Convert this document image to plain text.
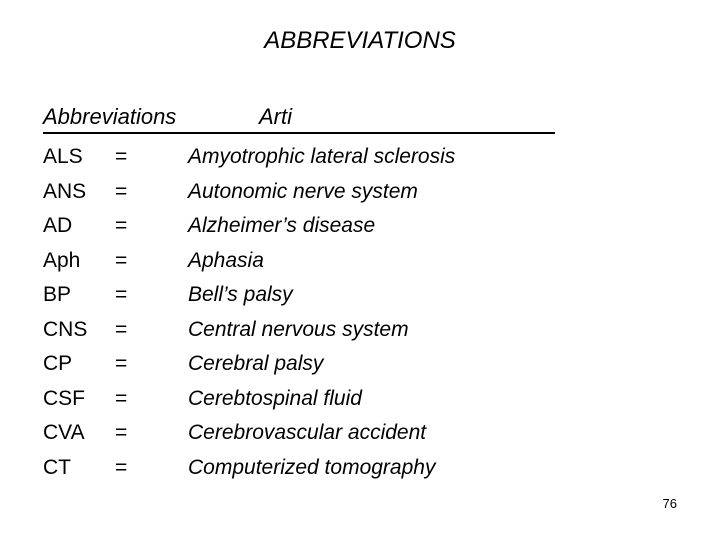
ABBREVIATIONS
Abbreviations	Arti
ALS =	Amyotrophic lateral sclerosis
ANS =	Autonomic nerve system
AD =	Alzheimer’s disease
Aph =	Aphasia
BP =	Bell’s palsy
CNS =	Central nervous system
CP =	Cerebral palsy
CSF =	Cerebtospinal fluid
CVA =	Cerebrovascular accident
CT =	Computerized tomography
76
